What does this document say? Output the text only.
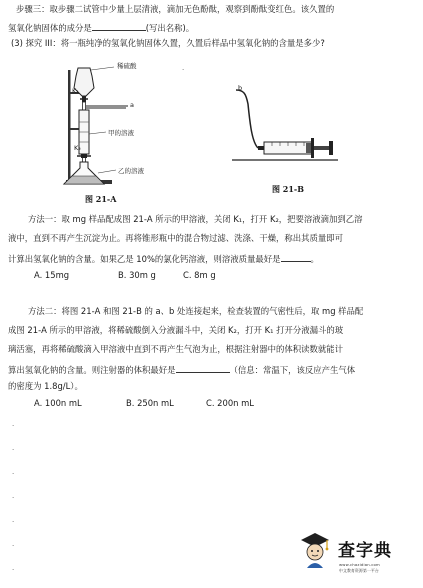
步骤三：取步骤二试管中少量上层清液，滴加无色酚酞，观察到酚酞变红色。该久置的
氢氧化钠固体的成分是	(写出名称)。
(3) 探究 III：将一瓶纯净的氢氧化钠固体久置，久置后样品中氢氧化钠的含量是多少?
稀硫酸
K₁
a
K₂
甲的溶液
乙的溶液
图 21-A
b
图 21-B
方法一：取 mg 样品配成图 21-A 所示的甲溶液，关闭 K₁，打开 K₂，把要溶液滴加到乙溶
液中，直到不再产生沉淀为止。再将锥形瓶中的混合物过滤、洗涤、干燥，称出其质量即可
计算出氢氧化钠的含量。如果乙是 10%的氯化钙溶液，则溶液质量最好是	。
A. 15mg	B. 30m g	C. 8m g
方法二：将图 21-A 和图 21-B 的 a、b 处连接起来，检查装置的气密性后，取 mg 样品配
成图 21-A 所示的甲溶液，将稀硫酸倒入分液漏斗中，关闭 K₂，打开 K₁ 打开分液漏斗的玻
璃活塞，再将稀硫酸滴入甲溶液中直到不再产生气泡为止，根据注射器中的体积读数就能计
算出氢氧化钠的含量。则注射器的体积最好是	（信息：常温下，该反应产生气体
的密度为 1.8g/L）。
A. 100n mL	B. 250n mL	C. 200n mL
.
.
.
.
.
.
.
.
查字典
www.chazidian.com
中文教育资源第一平台
